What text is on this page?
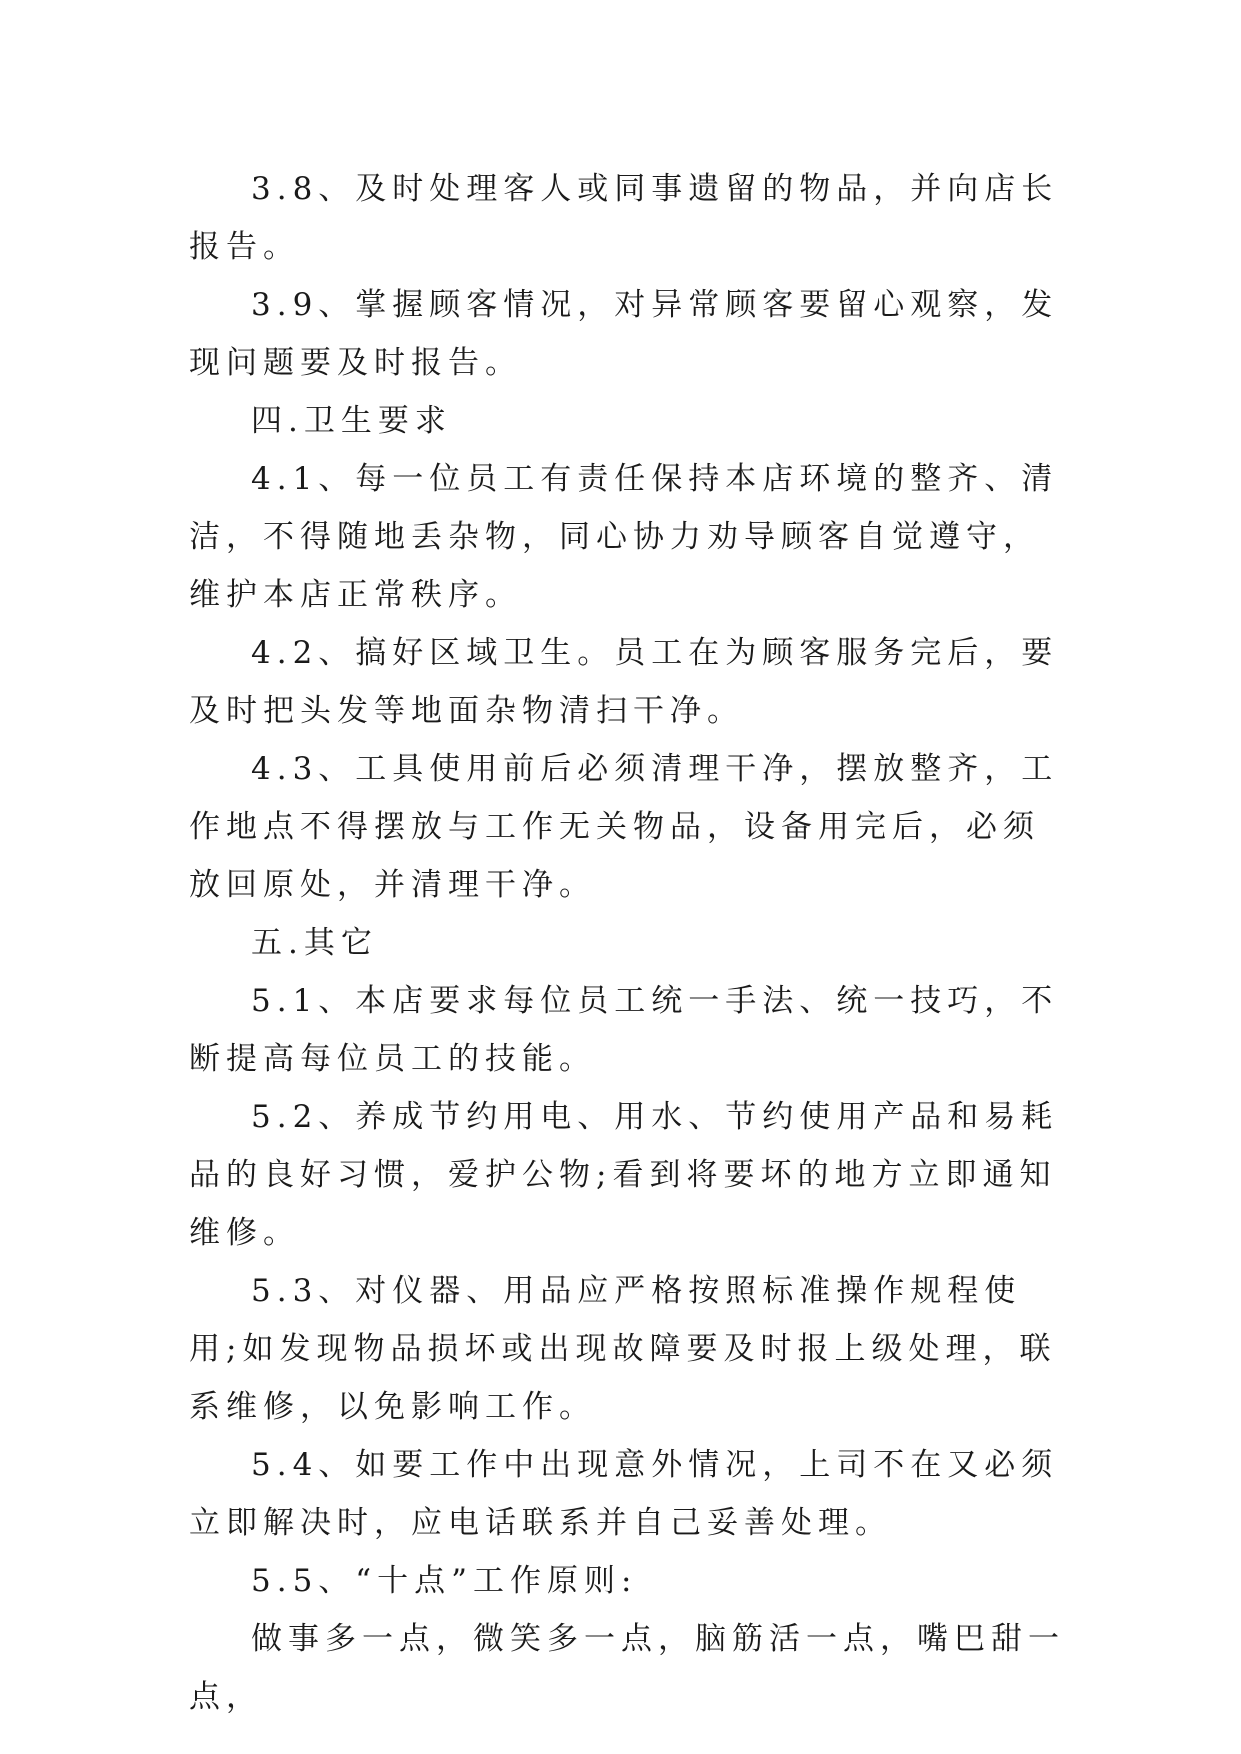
3.8、及时处理客人或同事遗留的物品，并向店长报告。

3.9、掌握顾客情况，对异常顾客要留心观察，发现问题要及时报告。

四.卫生要求

4.1、每一位员工有责任保持本店环境的整齐、清洁，不得随地丢杂物，同心协力劝导顾客自觉遵守，维护本店正常秩序。

4.2、搞好区域卫生。员工在为顾客服务完后，要及时把头发等地面杂物清扫干净。

4.3、工具使用前后必须清理干净，摆放整齐，工作地点不得摆放与工作无关物品，设备用完后，必须放回原处，并清理干净。

五.其它

5.1、本店要求每位员工统一手法、统一技巧，不断提高每位员工的技能。

5.2、养成节约用电、用水、节约使用产品和易耗品的良好习惯，爱护公物;看到将要坏的地方立即通知维修。

5.3、对仪器、用品应严格按照标准操作规程使用;如发现物品损坏或出现故障要及时报上级处理，联系维修，以免影响工作。

5.4、如要工作中出现意外情况，上司不在又必须立即解决时，应电话联系并自己妥善处理。

5.5、“十点”工作原则:

做事多一点，微笑多一点，脑筋活一点，嘴巴甜一点，
